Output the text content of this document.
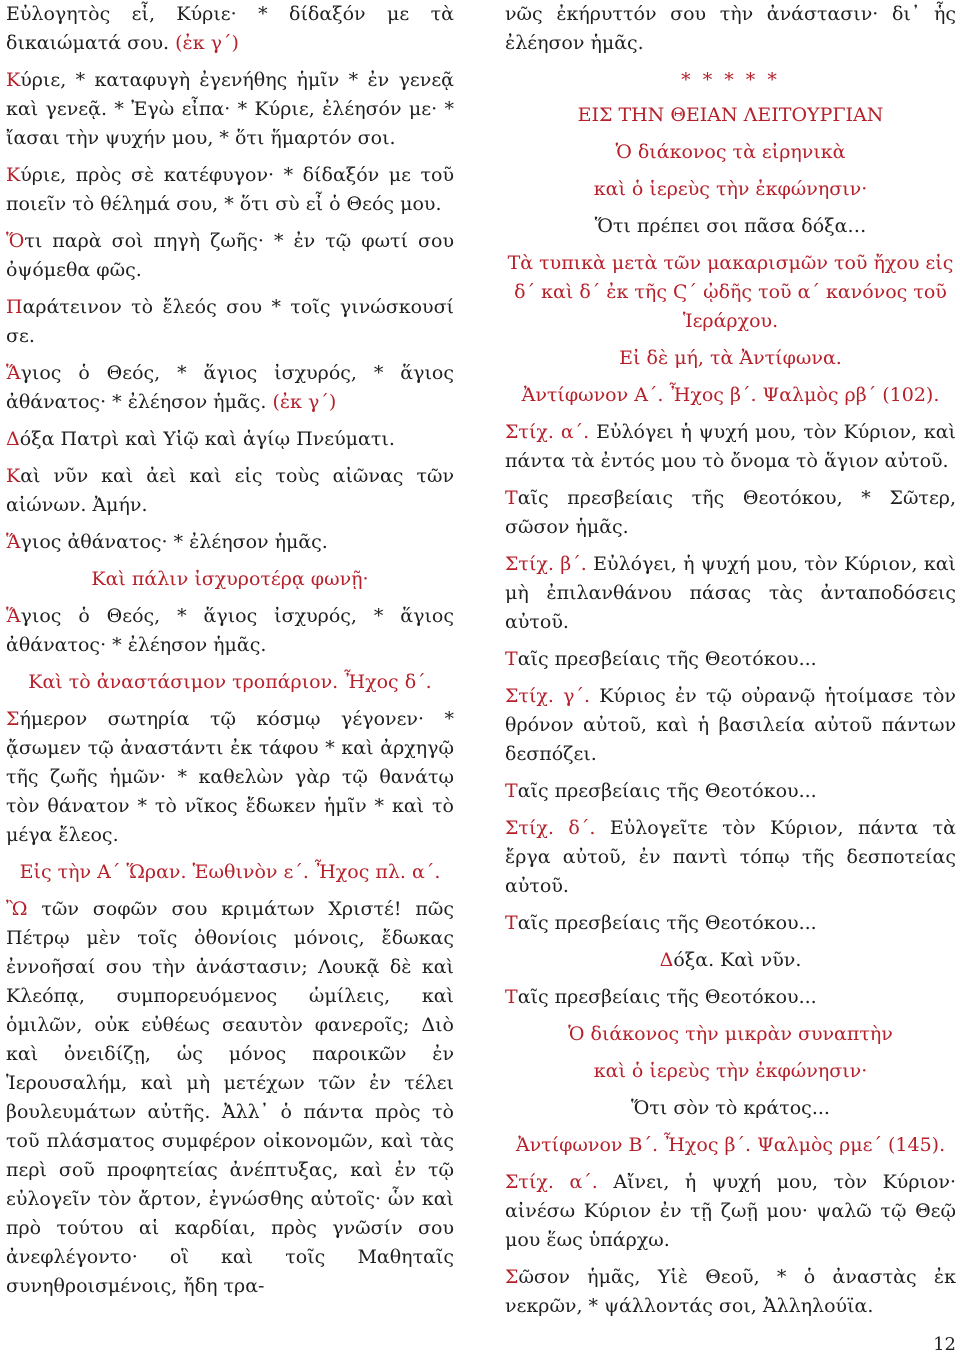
Εὐλογητὸς εἶ, Κύριε· * δίδαξόν με τὰ δικαιώματά σου. (ἐκ γ΄)
Κύριε, * καταφυγὴ ἐγενήθης ἡμῖν * ἐν γενεᾷ καὶ γενεᾷ. * Ἐγὼ εἶπα· * Κύριε, ἐλέησόν με· * ἴασαι τὴν ψυχήν μου, * ὅτι ἥμαρτόν σοι.
Κύριε, πρὸς σὲ κατέφυγον· * δίδαξόν με τοῦ ποιεῖν τὸ θέλημά σου, * ὅτι σὺ εἶ ὁ Θεός μου.
Ὅτι παρὰ σοὶ πηγὴ ζωῆς· * ἐν τῷ φωτί σου ὀψόμεθα φῶς.
Παράτεινον τὸ ἔλεός σου * τοῖς γινώσκουσί σε.
Ἅγιος ὁ Θεός, * ἅγιος ἰσχυρός, * ἅγιος ἀθάνατος· * ἐλέησον ἡμᾶς. (ἐκ γ΄)
Δόξα Πατρὶ καὶ Υἱῷ καὶ ἁγίῳ Πνεύματι.
Καὶ νῦν καὶ ἀεὶ καὶ εἰς τοὺς αἰῶνας τῶν αἰώνων. Ἀμήν.
Ἅγιος ἀθάνατος· * ἐλέησον ἡμᾶς.
Καὶ πάλιν ἰσχυροτέρᾳ φωνῇ·
Ἅγιος ὁ Θεός, * ἅγιος ἰσχυρός, * ἅγιος ἀθάνατος· * ἐλέησον ἡμᾶς.
Καὶ τὸ ἀναστάσιμον τροπάριον. Ἦχος δ΄.
Σήμερον σωτηρία τῷ κόσμῳ γέγονεν· * ᾄσωμεν τῷ ἀναστάντι ἐκ τάφου * καὶ ἀρχηγῷ τῆς ζωῆς ἡμῶν· * καθελὼν γὰρ τῷ θανάτῳ τὸν θάνατον * τὸ νῖκος ἔδωκεν ἡμῖν * καὶ τὸ μέγα ἔλεος.
Εἰς τὴν Α΄ Ὥραν. Ἑωθινὸν ε΄. Ἦχος πλ. α΄.
Ὢ τῶν σοφῶν σου κριμάτων Χριστέ! πῶς Πέτρῳ μὲν τοῖς ὀθονίοις μόνοις, ἔδωκας ἐννοῆσαί σου τὴν ἀνάστασιν; Λουκᾷ δὲ καὶ Κλεόπᾳ, συμπορευόμενος ὡμίλεις, καὶ ὁμιλῶν, οὐκ εὐθέως σεαυτὸν φανεροῖς; Διὸ καὶ ὀνειδίζῃ, ὡς μόνος παροικῶν ἐν Ἱερουσαλήμ, καὶ μὴ μετέχων τῶν ἐν τέλει βουλευμάτων αὐτῆς. Ἀλλ᾽ ὁ πάντα πρὸς τὸ τοῦ πλάσματος συμφέρον οἰκονομῶν, καὶ τὰς περὶ σοῦ προφητείας ἀνέπτυξας, καὶ ἐν τῷ εὐλογεῖν τὸν ἄρτον, ἐγνώσθης αὐτοῖς· ὧν καὶ πρὸ τούτου αἱ καρδίαι, πρὸς γνῶσίν σου ἀνεφλέγοντο· οἳ καὶ τοῖς Μαθηταῖς συνηθροισμένοις, ἤδη τρα-
νῶς ἐκήρυττόν σου τὴν ἀνάστασιν· δι᾽ ἧς ἐλέησον ἡμᾶς.
* * * * *
ΕΙΣ ΤΗΝ ΘΕΙΑΝ ΛΕΙΤΟΥΡΓΙΑΝ
Ὁ διάκονος τὰ εἰρηνικὰ
καὶ ὁ ἱερεὺς τὴν ἐκφώνησιν·
Ὅτι πρέπει σοι πᾶσα δόξα…
Τὰ τυπικὰ μετὰ τῶν μακαρισμῶν τοῦ ἤχου εἰς δ΄ καὶ δ΄ ἐκ τῆς Ϛ΄ ᾠδῆς τοῦ α΄ κανόνος τοῦ Ἱεράρχου.
Εἰ δὲ μή, τὰ Ἀντίφωνα.
Ἀντίφωνον Α΄. Ἦχος β΄. Ψαλμὸς ρβ΄ (102).
Στίχ. α΄. Εὐλόγει ἡ ψυχή μου, τὸν Κύριον, καὶ πάντα τὰ ἐντός μου τὸ ὄνομα τὸ ἅγιον αὐτοῦ.
Ταῖς πρεσβείαις τῆς Θεοτόκου, * Σῶτερ, σῶσον ἡμᾶς.
Στίχ. β΄. Εὐλόγει, ἡ ψυχή μου, τὸν Κύριον, καὶ μὴ ἐπιλανθάνου πάσας τὰς ἀνταποδόσεις αὐτοῦ.
Ταῖς πρεσβείαις τῆς Θεοτόκου...
Στίχ. γ΄. Κύριος ἐν τῷ οὐρανῷ ἡτοίμασε τὸν θρόνον αὐτοῦ, καὶ ἡ βασιλεία αὐτοῦ πάντων δεσπόζει.
Ταῖς πρεσβείαις τῆς Θεοτόκου...
Στίχ. δ΄. Εὐλογεῖτε τὸν Κύριον, πάντα τὰ ἔργα αὐτοῦ, ἐν παντὶ τόπῳ τῆς δεσποτείας αὐτοῦ.
Ταῖς πρεσβείαις τῆς Θεοτόκου...
Δόξα. Καὶ νῦν.
Ταῖς πρεσβείαις τῆς Θεοτόκου...
Ὁ διάκονος τὴν μικρὰν συναπτὴν
καὶ ὁ ἱερεὺς τὴν ἐκφώνησιν·
Ὅτι σὸν τὸ κράτος...
Ἀντίφωνον Β΄. Ἦχος β΄. Ψαλμὸς ρμε΄ (145).
Στίχ. α΄. Αἴνει, ἡ ψυχή μου, τὸν Κύριον· αἰνέσω Κύριον ἐν τῇ ζωῇ μου· ψαλῶ τῷ Θεῷ μου ἕως ὑπάρχω.
Σῶσον ἡμᾶς, Υἱὲ Θεοῦ, * ὁ ἀναστὰς ἐκ νεκρῶν, * ψάλλοντάς σοι, Ἀλληλούϊα.
12
